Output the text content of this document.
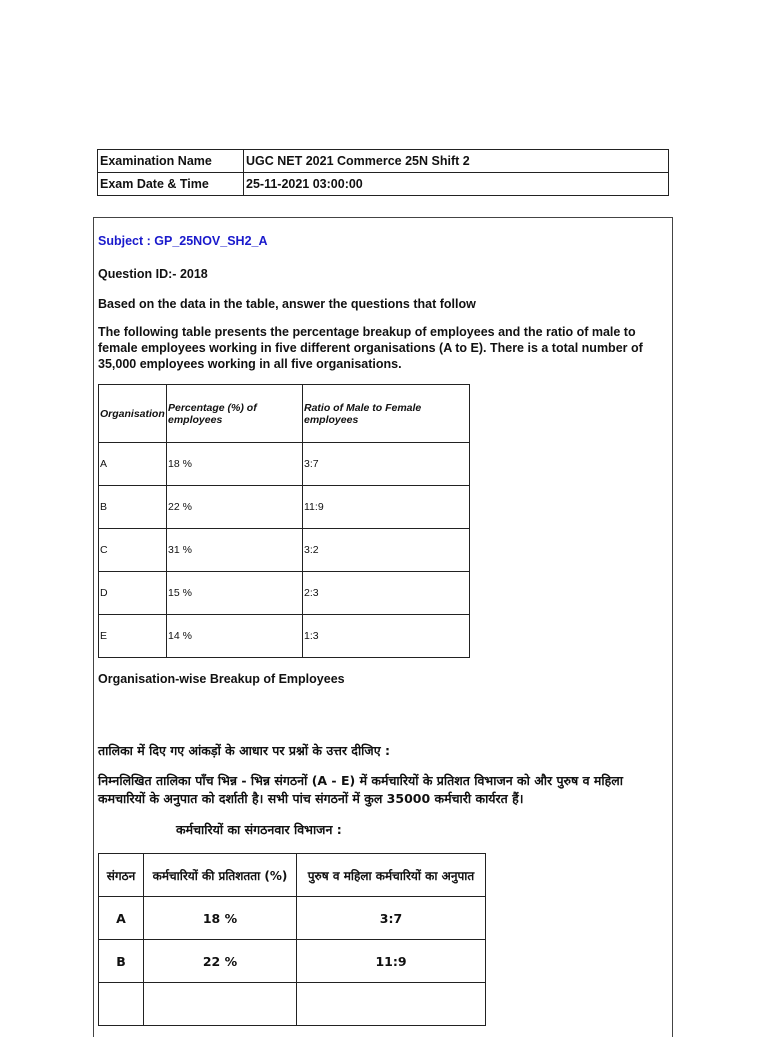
Examination Name	UGC NET 2021 Commerce 25N Shift 2
Exam Date & Time	25-11-2021 03:00:00
Subject : GP_25NOV_SH2_A
Question ID:- 2018
Based on the data in the table, answer the questions that follow
The following table presents the percentage breakup of employees and the ratio of male to female employees working in five different organisations (A to E). There is a total number of 35,000 employees working in all five organisations.
Organisation	Percentage (%) of employees	Ratio of Male to Female employees
A	18 %	3:7
B	22 %	11:9
C	31 %	3:2
D	15 %	2:3
E	14 %	1:3
Organisation-wise Breakup of Employees
तालिका में दिए गए आंकड़ों के आधार पर प्रश्नों के उत्तर दीजिए :
निम्नलिखित तालिका पाँच भिन्न - भिन्न संगठनों (A - E) में कर्मचारियों के प्रतिशत विभाजन को और पुरुष व महिला कमचारियों के अनुपात को दर्शाती है। सभी पांच संगठनों में कुल 35000 कर्मचारी कार्यरत हैं।
कर्मचारियों का संगठनवार विभाजन :
संगठन	कर्मचारियों की प्रतिशतता (%)	पुरुष व महिला कर्मचारियों का अनुपात
A	18 %	3:7
B	22 %	11:9
